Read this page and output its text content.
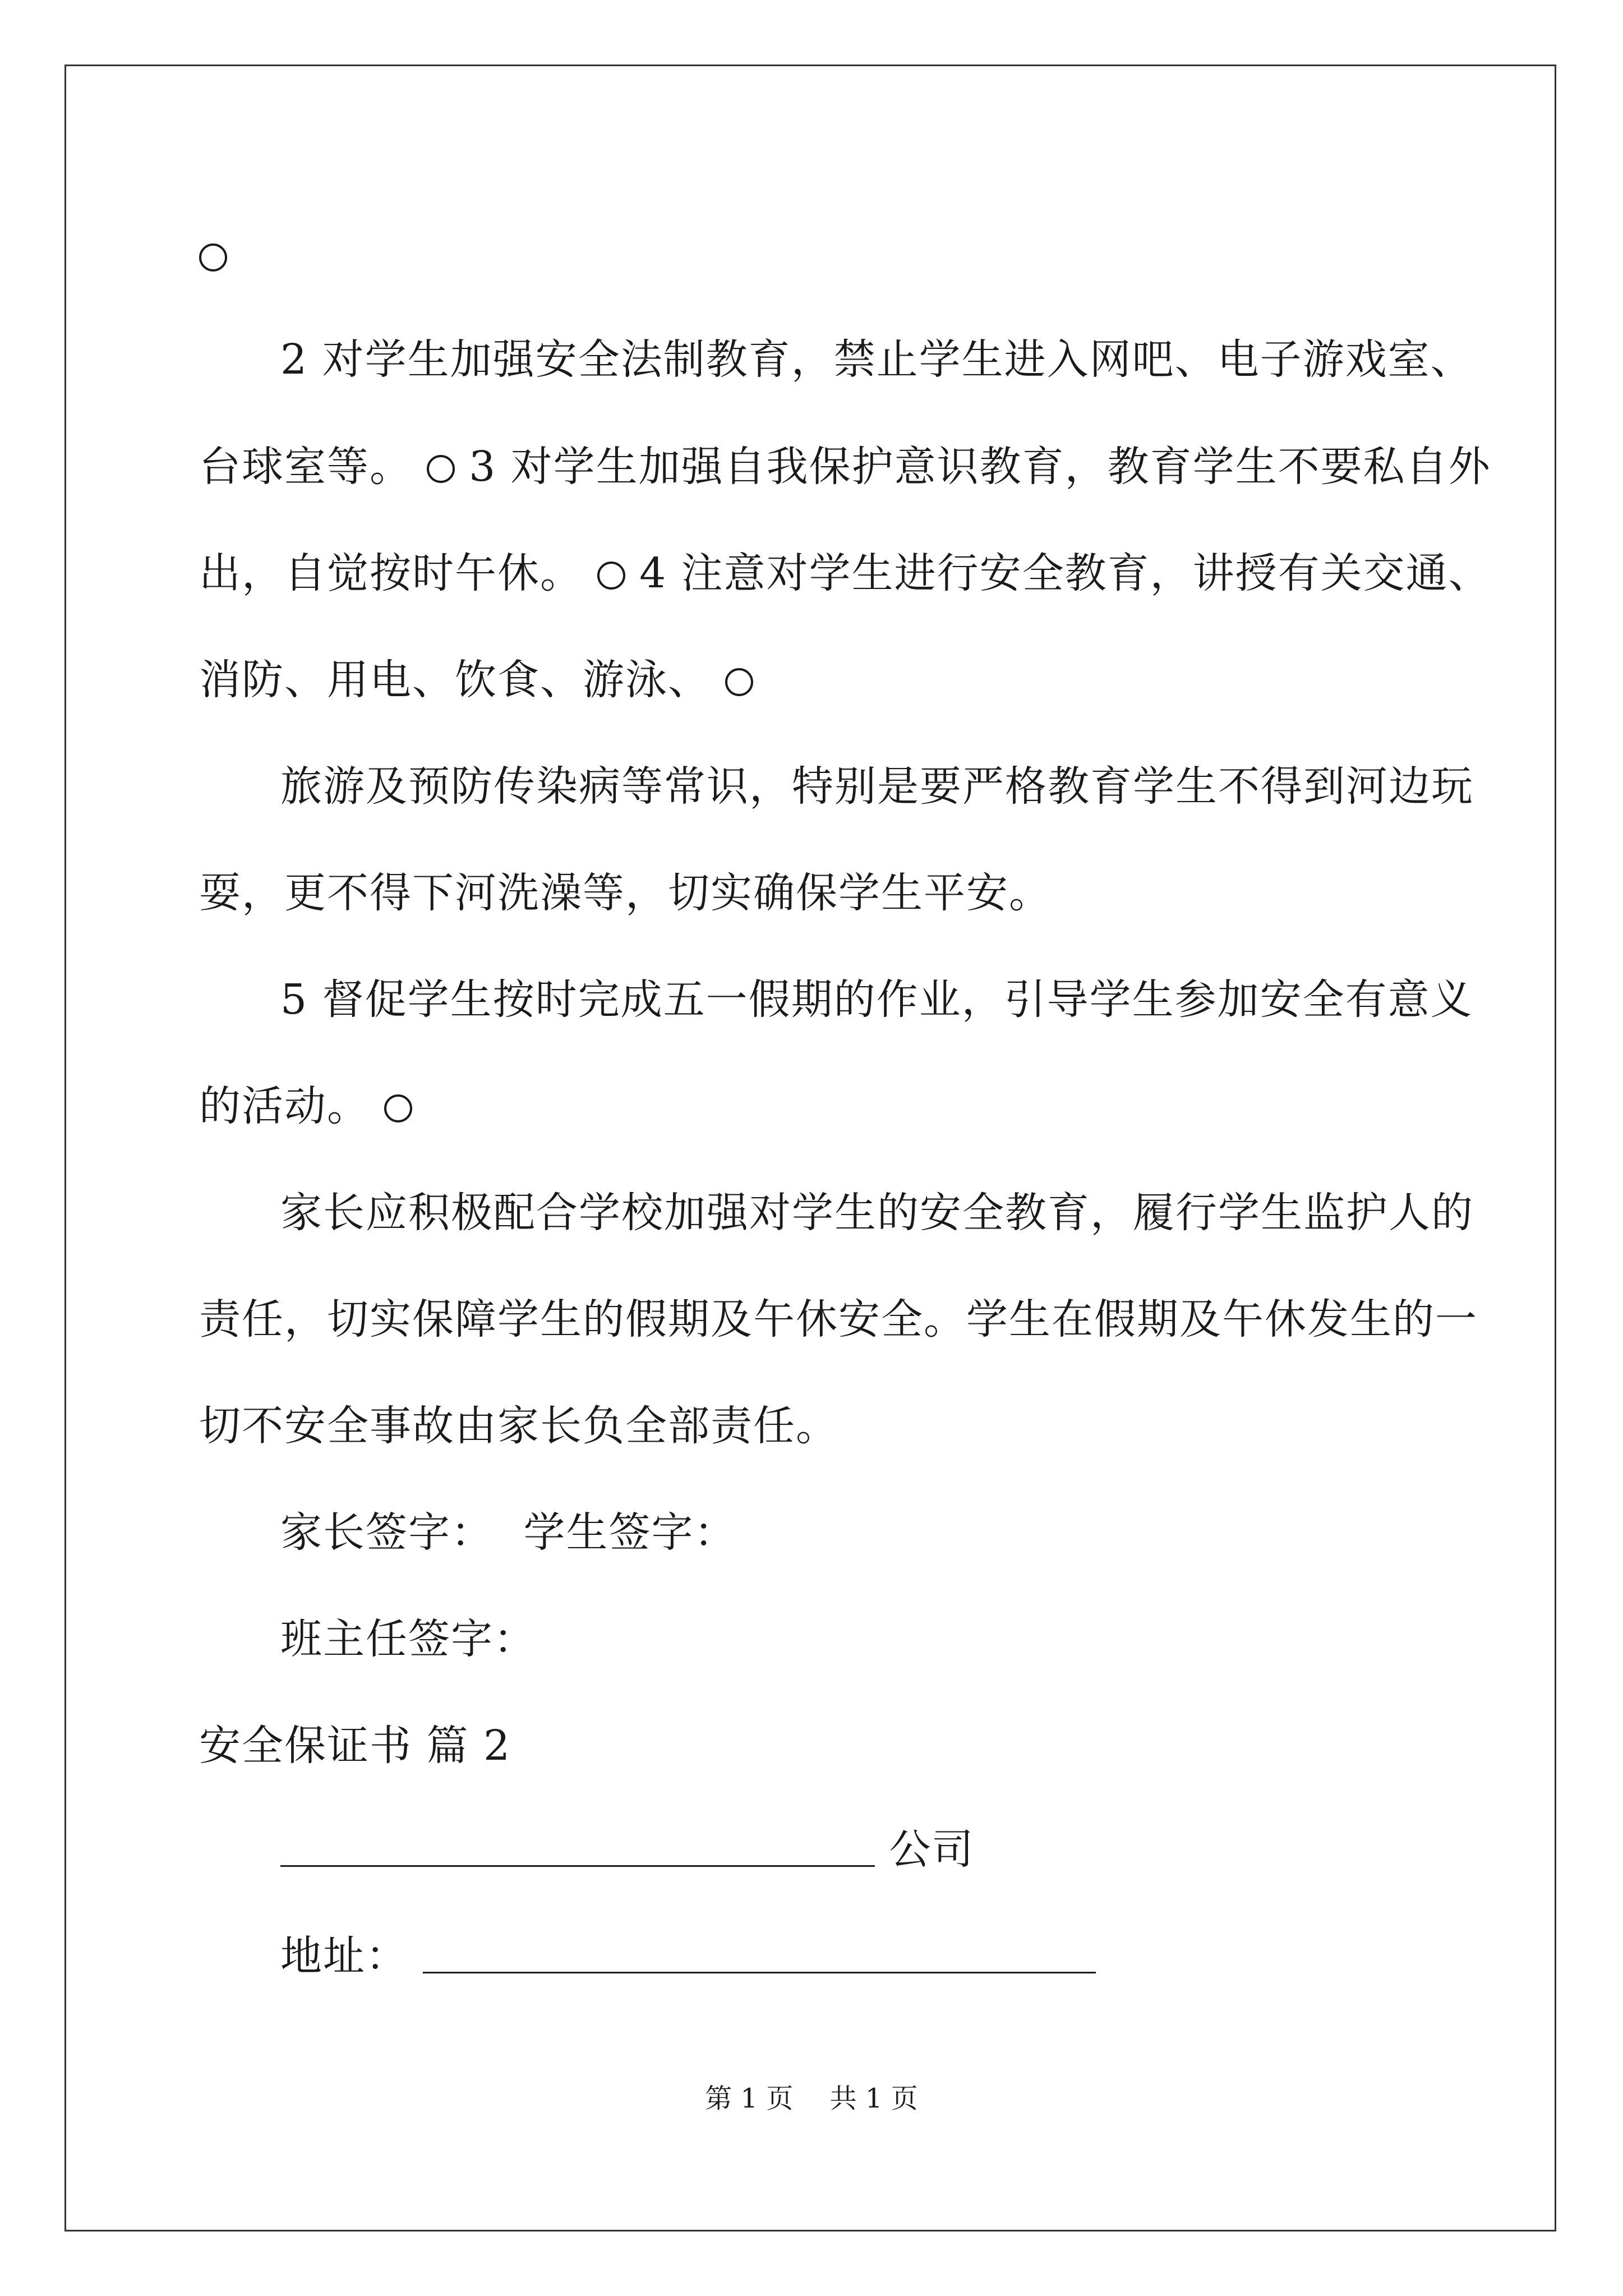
2 对学生加强安全法制教育，禁止学生进入网吧、电子游戏室、
台球室等。 3 对学生加强自我保护意识教育，教育学生不要私自外
出，自觉按时午休。 4 注意对学生进行安全教育，讲授有关交通、
消防、用电、饮食、游泳、
旅游及预防传染病等常识，特别是要严格教育学生不得到河边玩
耍，更不得下河洗澡等，切实确保学生平安。
5 督促学生按时完成五一假期的作业，引导学生参加安全有意义
的活动。
家长应积极配合学校加强对学生的安全教育，履行学生监护人的
责任，切实保障学生的假期及午休安全。学生在假期及午休发生的一
切不安全事故由家长负全部责任。
家长签字： 学生签字：
班主任签字：
安全保证书 篇 2
公司
地址：
第 1 页 共 1 页
